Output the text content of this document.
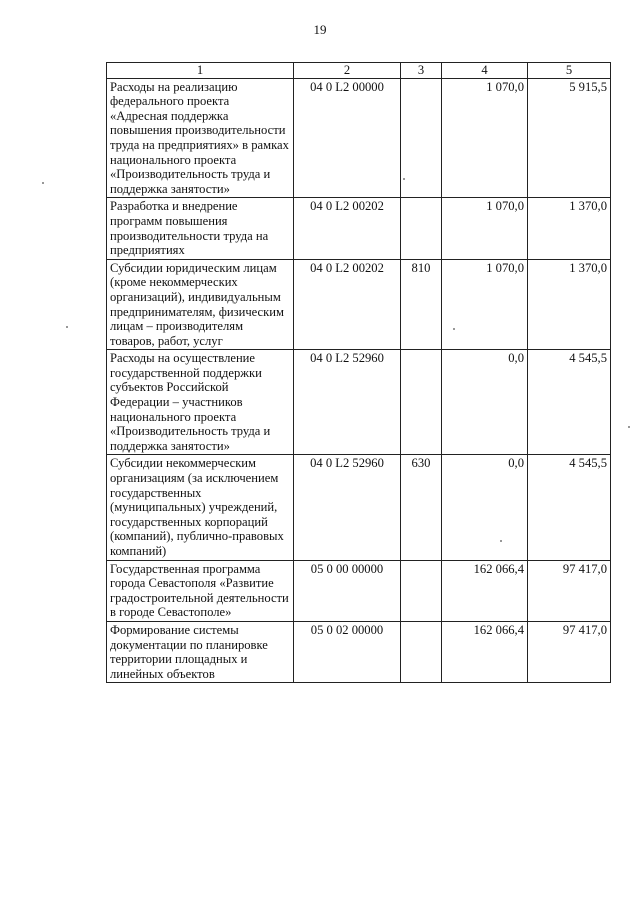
19
1	2	3	4	5
Расходы на реализацию федерального проекта «Адресная поддержка повышения производительности труда на предприятиях» в рамках национального проекта «Производительность труда и поддержка занятости»	04 0 L2 00000		1 070,0	5 915,5
Разработка и внедрение программ повышения производительности труда на предприятиях	04 0 L2 00202		1 070,0	1 370,0
Субсидии юридическим лицам (кроме некоммерческих организаций), индивидуальным предпринимателям, физическим лицам – производителям товаров, работ, услуг	04 0 L2 00202	810	1 070,0	1 370,0
Расходы на осуществление государственной поддержки субъектов Российской Федерации – участников национального проекта «Производительность труда и поддержка занятости»	04 0 L2 52960		0,0	4 545,5
Субсидии некоммерческим организациям (за исключением государственных (муниципальных) учреждений, государственных корпораций (компаний), публично-правовых компаний)	04 0 L2 52960	630	0,0	4 545,5
Государственная программа города Севастополя «Развитие градостроительной деятельности в городе Севастополе»	05 0 00 00000		162 066,4	97 417,0
Формирование системы документации по планировке территории площадных и линейных объектов	05 0 02 00000		162 066,4	97 417,0
